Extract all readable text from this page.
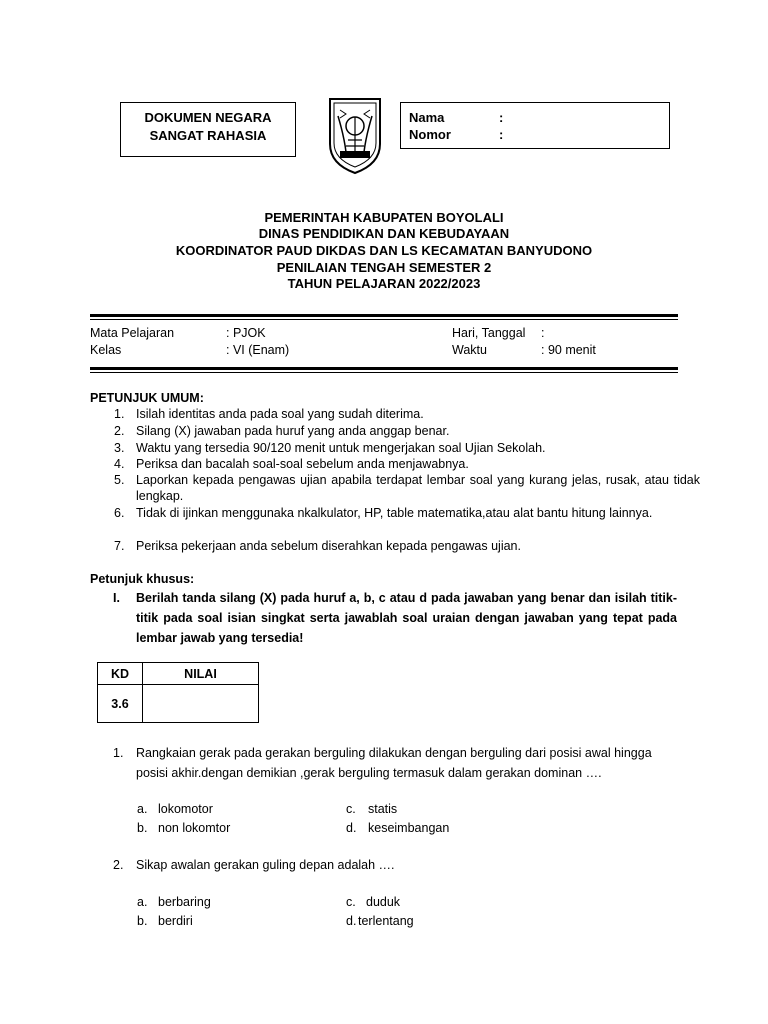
DOKUMEN NEGARA
SANGAT RAHASIA
Nama	:
Nomor	:
PEMERINTAH KABUPATEN BOYOLALI
DINAS PENDIDIKAN DAN KEBUDAYAAN
KOORDINATOR PAUD DIKDAS DAN LS KECAMATAN BANYUDONO
PENILAIAN TENGAH SEMESTER 2
TAHUN PELAJARAN 2022/2023
Mata Pelajaran	: PJOK
Kelas	: VI (Enam)
Hari, Tanggal :
Waktu	: 90 menit
PETUNJUK UMUM:
1. Isilah identitas anda pada soal yang sudah diterima.
2. Silang (X) jawaban pada huruf yang anda anggap benar.
3. Waktu yang tersedia 90/120 menit untuk mengerjakan soal Ujian Sekolah.
4. Periksa dan bacalah soal-soal sebelum anda menjawabnya.
5. Laporkan kepada pengawas ujian apabila terdapat lembar soal yang kurang jelas, rusak, atau tidak lengkap.
6. Tidak di ijinkan menggunaka nkalkulator, HP, table matematika,atau alat bantu hitung lainnya.
7. Periksa pekerjaan anda sebelum diserahkan kepada pengawas ujian.
Petunjuk khusus:
I. Berilah tanda silang (X) pada huruf a, b, c atau d pada jawaban yang benar dan isilah titik-titik pada soal isian singkat serta jawablah soal uraian dengan jawaban yang tepat pada lembar jawab yang tersedia!
KD	NILAI
3.6	
1. Rangkaian gerak pada gerakan berguling dilakukan dengan berguling dari posisi awal hingga posisi akhir.dengan demikian ,gerak berguling termasuk dalam gerakan dominan ….
a. lokomotor	c. statis
b. non lokomtor	d. keseimbangan
2. Sikap awalan gerakan guling depan adalah ….
a. berbaring	c. duduk
b. berdiri	d. terlentang
